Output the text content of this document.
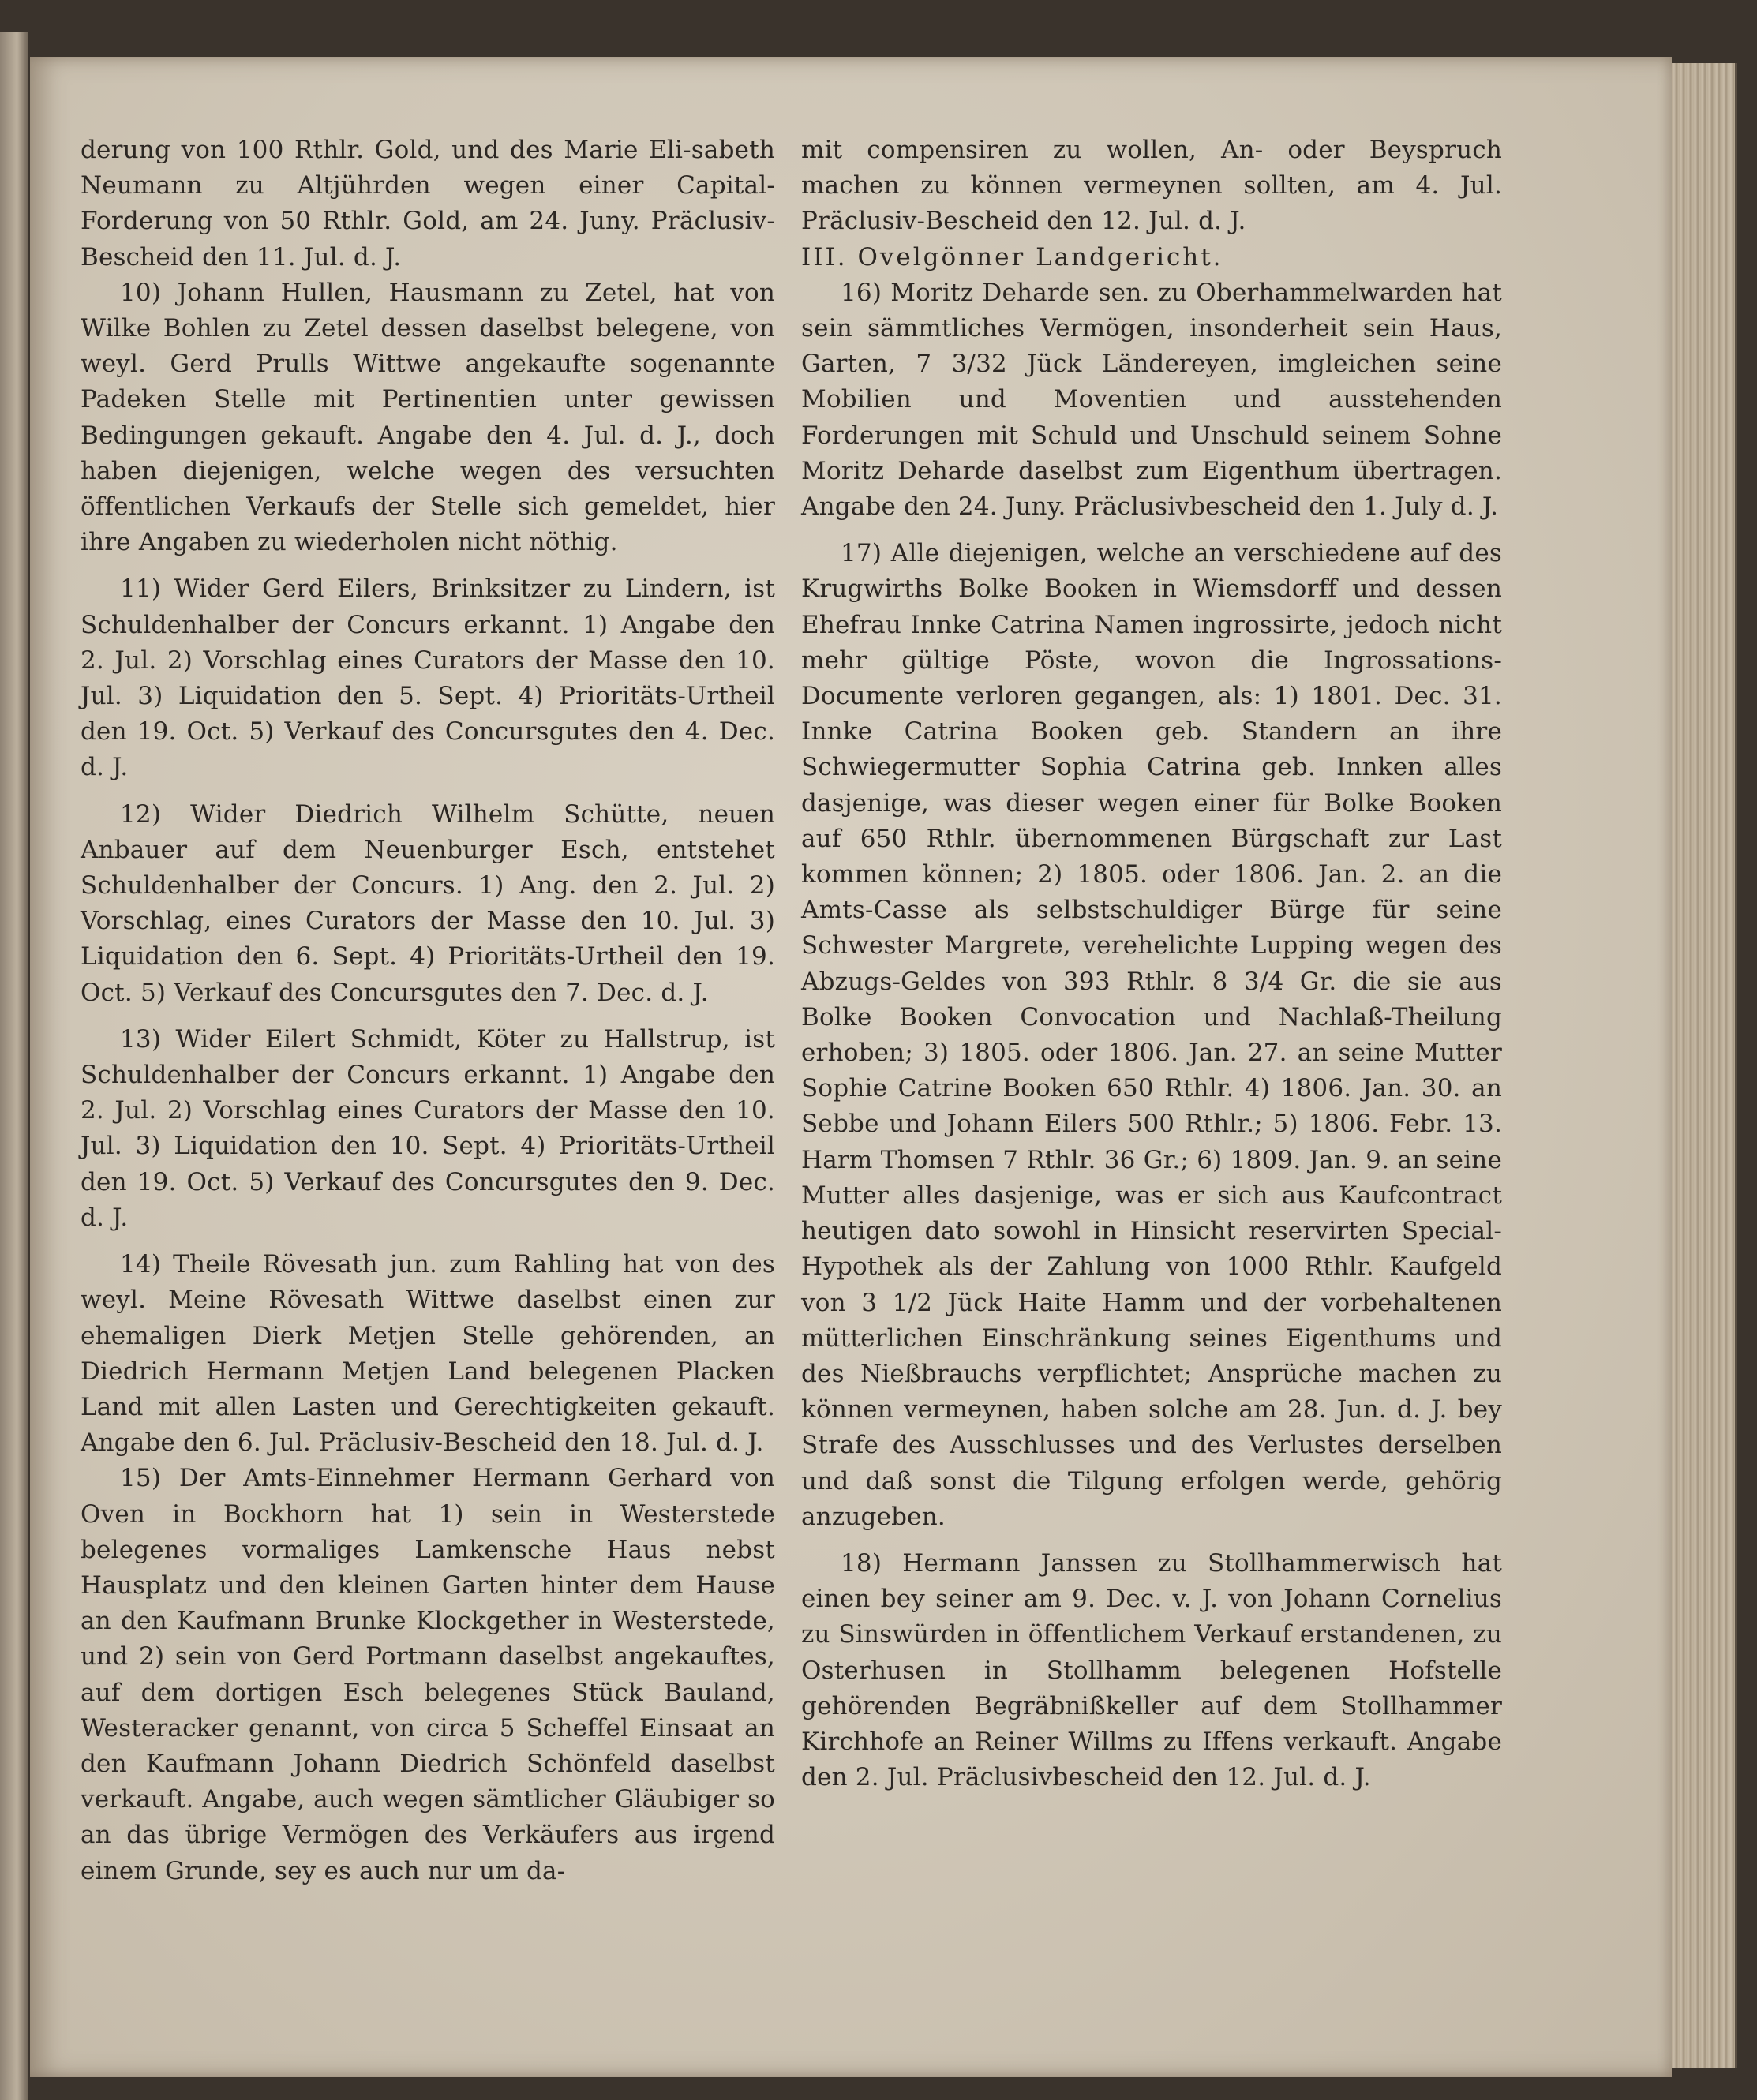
derung von 100 Rthlr. Gold, und des Marie Eli-sabeth Neumann zu Altjührden wegen einer Capital-Forderung von 50 Rthlr. Gold, am 24. Juny. Präclusiv-Bescheid den 11. Jul. d. J.

10) Johann Hullen, Hausmann zu Zetel, hat von Wilke Bohlen zu Zetel dessen daselbst belegene, von weyl. Gerd Prulls Wittwe angekaufte sogenannte Padeken Stelle mit Pertinentien unter gewissen Bedingungen gekauft. Angabe den 4. Jul. d. J., doch haben diejenigen, welche wegen des versuchten öffentlichen Verkaufs der Stelle sich gemeldet, hier ihre Angaben zu wiederholen nicht nöthig.

11) Wider Gerd Eilers, Brinksitzer zu Lindern, ist Schuldenhalber der Concurs erkannt. 1) Angabe den 2. Jul. 2) Vorschlag eines Curators der Masse den 10. Jul. 3) Liquidation den 5. Sept. 4) Prioritäts-Urtheil den 19. Oct. 5) Verkauf des Concursgutes den 4. Dec. d. J.

12) Wider Diedrich Wilhelm Schütte, neuen Anbauer auf dem Neuenburger Esch, entstehet Schuldenhalber der Concurs. 1) Ang. den 2. Jul. 2) Vorschlag, eines Curators der Masse den 10. Jul. 3) Liquidation den 6. Sept. 4) Prioritäts-Urtheil den 19. Oct. 5) Verkauf des Concursgutes den 7. Dec. d. J.

13) Wider Eilert Schmidt, Köter zu Hallstrup, ist Schuldenhalber der Concurs erkannt. 1) Angabe den 2. Jul. 2) Vorschlag eines Curators der Masse den 10. Jul. 3) Liquidation den 10. Sept. 4) Prioritäts-Urtheil den 19. Oct. 5) Verkauf des Concursgutes den 9. Dec. d. J.

14) Theile Rövesath jun. zum Rahling hat von des weyl. Meine Rövesath Wittwe daselbst einen zur ehemaligen Dierk Metjen Stelle gehörenden, an Diedrich Hermann Metjen Land belegenen Placken Land mit allen Lasten und Gerechtigkeiten gekauft. Angabe den 6. Jul. Präclusiv-Bescheid den 18. Jul. d. J.

15) Der Amts-Einnehmer Hermann Gerhard von Oven in Bockhorn hat 1) sein in Westerstede belegenes vormaliges Lamkensche Haus nebst Hausplatz und den kleinen Garten hinter dem Hause an den Kaufmann Brunke Klockgether in Westerstede, und 2) sein von Gerd Portmann daselbst angekauftes, auf dem dortigen Esch belegenes Stück Bauland, Westeracker genannt, von circa 5 Scheffel Einsaat an den Kaufmann Johann Diedrich Schönfeld daselbst verkauft. Angabe, auch wegen sämtlicher Gläubiger so an das übrige Vermögen des Verkäufers aus irgend einem Grunde, sey es auch nur um da-

mit compensiren zu wollen, An- oder Beyspruch machen zu können vermeynen sollten, am 4. Jul. Präclusiv-Bescheid den 12. Jul. d. J.

III. Ovelgönner Landgericht.

16) Moritz Deharde sen. zu Oberhammelwarden hat sein sämmtliches Vermögen, insonderheit sein Haus, Garten, 7 3/32 Jück Ländereyen, imgleichen seine Mobilien und Moventien und ausstehenden Forderungen mit Schuld und Unschuld seinem Sohne Moritz Deharde daselbst zum Eigenthum übertragen. Angabe den 24. Juny. Präclusivbescheid den 1. July d. J.

17) Alle diejenigen, welche an verschiedene auf des Krugwirths Bolke Booken in Wiemsdorff und dessen Ehefrau Innke Catrina Namen ingrossirte, jedoch nicht mehr gültige Pöste, wovon die Ingrossations-Documente verloren gegangen, als: 1) 1801. Dec. 31. Innke Catrina Booken geb. Standern an ihre Schwiegermutter Sophia Catrina geb. Innken alles dasjenige, was dieser wegen einer für Bolke Booken auf 650 Rthlr. übernommenen Bürgschaft zur Last kommen können; 2) 1805. oder 1806. Jan. 2. an die Amts-Casse als selbstschuldiger Bürge für seine Schwester Margrete, verehelichte Lupping wegen des Abzugs-Geldes von 393 Rthlr. 8 3/4 Gr. die sie aus Bolke Booken Convocation und Nachlaß-Theilung erhoben; 3) 1805. oder 1806. Jan. 27. an seine Mutter Sophie Catrine Booken 650 Rthlr. 4) 1806. Jan. 30. an Sebbe und Johann Eilers 500 Rthlr.; 5) 1806. Febr. 13. Harm Thomsen 7 Rthlr. 36 Gr.; 6) 1809. Jan. 9. an seine Mutter alles dasjenige, was er sich aus Kaufcontract heutigen dato sowohl in Hinsicht reservirten Special-Hypothek als der Zahlung von 1000 Rthlr. Kaufgeld von 3 1/2 Jück Haite Hamm und der vorbehaltenen mütterlichen Einschränkung seines Eigenthums und des Nießbrauchs verpflichtet; Ansprüche machen zu können vermeynen, haben solche am 28. Jun. d. J. bey Strafe des Ausschlusses und des Verlustes derselben und daß sonst die Tilgung erfolgen werde, gehörig anzugeben.

18) Hermann Janssen zu Stollhammerwisch hat einen bey seiner am 9. Dec. v. J. von Johann Cornelius zu Sinswürden in öffentlichem Verkauf erstandenen, zu Osterhusen in Stollhamm belegenen Hofstelle gehörenden Begräbnißkeller auf dem Stollhammer Kirchhofe an Reiner Willms zu Iffens verkauft. Angabe den 2. Jul. Präclusivbescheid den 12. Jul. d. J.
